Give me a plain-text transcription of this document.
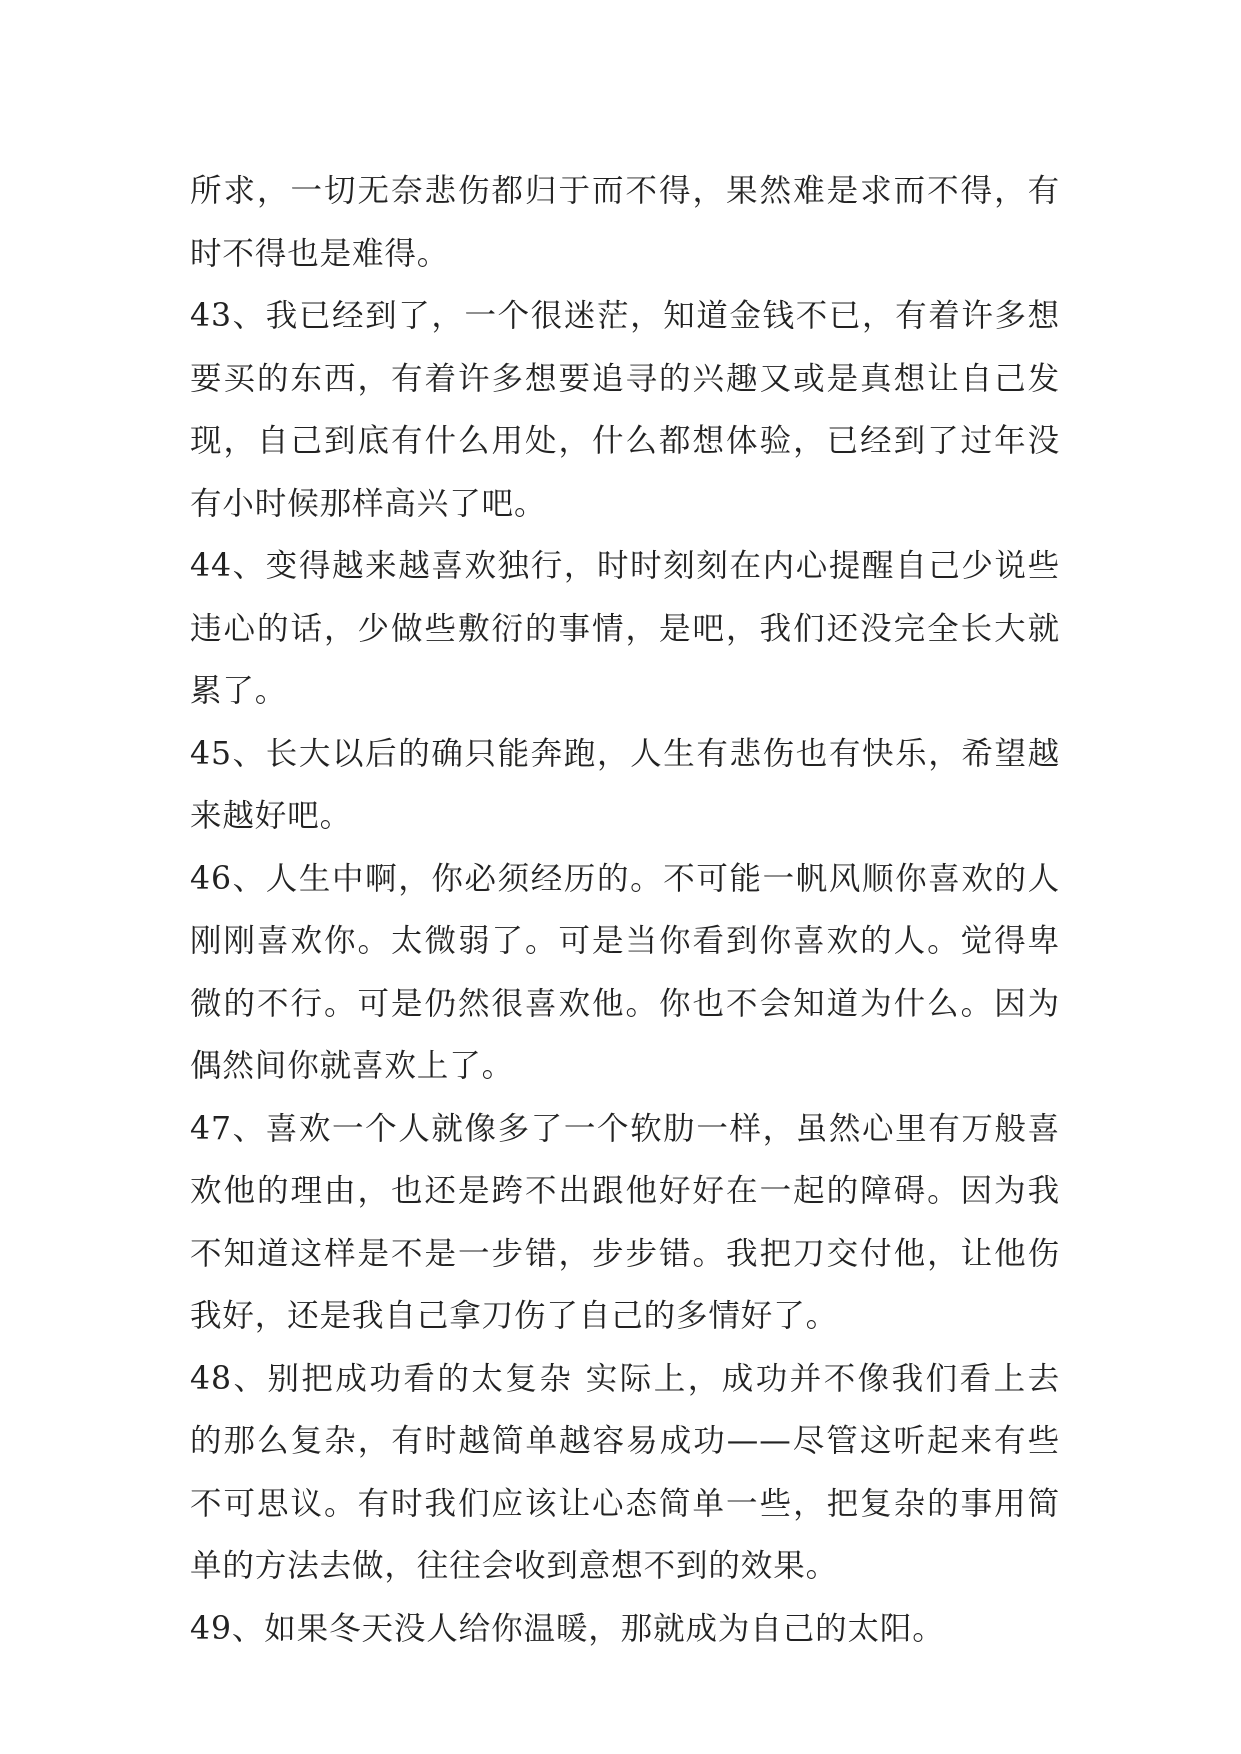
所求，一切无奈悲伤都归于而不得，果然难是求而不得，有
时不得也是难得。
43、我已经到了，一个很迷茫，知道金钱不已，有着许多想
要买的东西，有着许多想要追寻的兴趣又或是真想让自己发
现，自己到底有什么用处，什么都想体验，已经到了过年没
有小时候那样高兴了吧。
44、变得越来越喜欢独行，时时刻刻在内心提醒自己少说些
违心的话，少做些敷衍的事情，是吧，我们还没完全长大就
累了。
45、长大以后的确只能奔跑，人生有悲伤也有快乐，希望越
来越好吧。
46、人生中啊，你必须经历的。不可能一帆风顺你喜欢的人
刚刚喜欢你。太微弱了。可是当你看到你喜欢的人。觉得卑
微的不行。可是仍然很喜欢他。你也不会知道为什么。因为
偶然间你就喜欢上了。
47、喜欢一个人就像多了一个软肋一样，虽然心里有万般喜
欢他的理由，也还是跨不出跟他好好在一起的障碍。因为我
不知道这样是不是一步错，步步错。我把刀交付他，让他伤
我好，还是我自己拿刀伤了自己的多情好了。
48、别把成功看的太复杂 实际上，成功并不像我们看上去
的那么复杂，有时越简单越容易成功——尽管这听起来有些
不可思议。有时我们应该让心态简单一些，把复杂的事用简
单的方法去做，往往会收到意想不到的效果。
49、如果冬天没人给你温暖，那就成为自己的太阳。
